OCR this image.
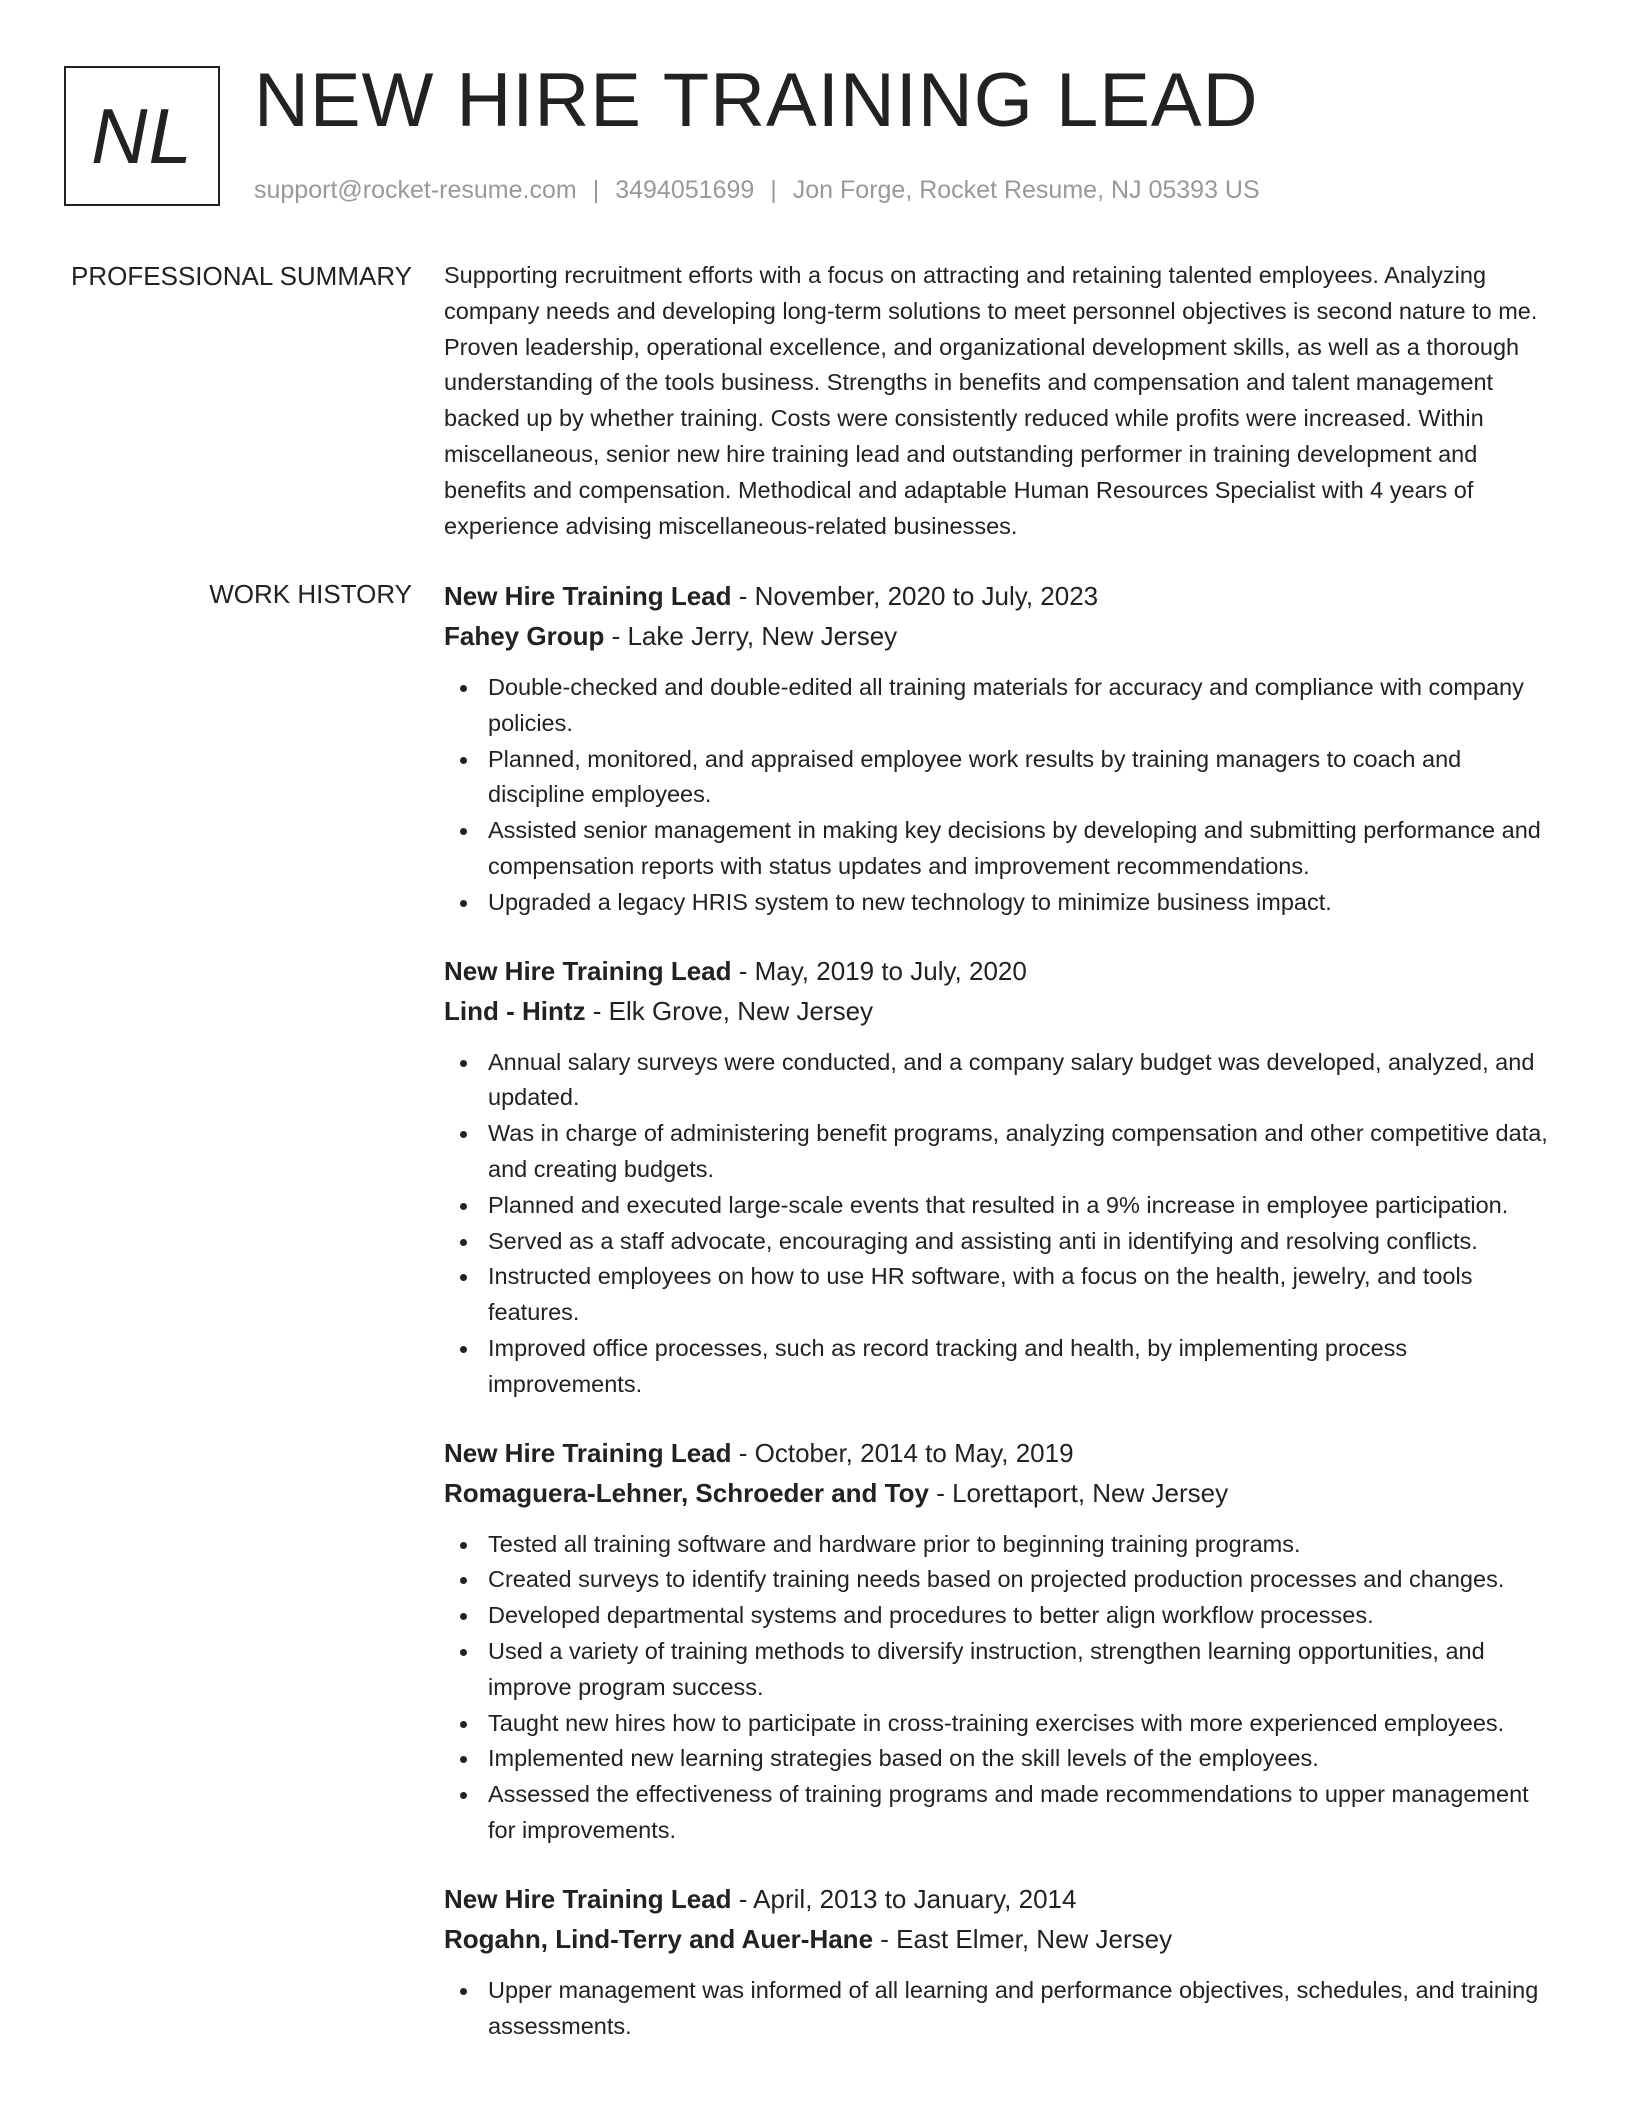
NL NEW HIRE TRAINING LEAD
support@rocket-resume.com | 3494051699 | Jon Forge, Rocket Resume, NJ 05393 US
PROFESSIONAL SUMMARY Supporting recruitment efforts with a focus on attracting and retaining talented employees. Analyzing company needs and developing long-term solutions to meet personnel objectives is second nature to me. Proven leadership, operational excellence, and organizational development skills, as well as a thorough understanding of the tools business. Strengths in benefits and compensation and talent management backed up by whether training. Costs were consistently reduced while profits were increased. Within miscellaneous, senior new hire training lead and outstanding performer in training development and benefits and compensation. Methodical and adaptable Human Resources Specialist with 4 years of experience advising miscellaneous-related businesses.

WORK HISTORY New Hire Training Lead - November, 2020 to July, 2023
Fahey Group - Lake Jerry, New Jersey
Double-checked and double-edited all training materials for accuracy and compliance with company policies.
Planned, monitored, and appraised employee work results by training managers to coach and discipline employees.
Assisted senior management in making key decisions by developing and submitting performance and compensation reports with status updates and improvement recommendations.
Upgraded a legacy HRIS system to new technology to minimize business impact.
New Hire Training Lead - May, 2019 to July, 2020
Lind - Hintz - Elk Grove, New Jersey
Annual salary surveys were conducted, and a company salary budget was developed, analyzed, and updated.
Was in charge of administering benefit programs, analyzing compensation and other competitive data, and creating budgets.
Planned and executed large-scale events that resulted in a 9% increase in employee participation.
Served as a staff advocate, encouraging and assisting anti in identifying and resolving conflicts.
Instructed employees on how to use HR software, with a focus on the health, jewelry, and tools features.
Improved office processes, such as record tracking and health, by implementing process improvements.
New Hire Training Lead - October, 2014 to May, 2019
Romaguera-Lehner, Schroeder and Toy - Lorettaport, New Jersey
Tested all training software and hardware prior to beginning training programs.
Created surveys to identify training needs based on projected production processes and changes.
Developed departmental systems and procedures to better align workflow processes.
Used a variety of training methods to diversify instruction, strengthen learning opportunities, and improve program success.
Taught new hires how to participate in cross-training exercises with more experienced employees.
Implemented new learning strategies based on the skill levels of the employees.
Assessed the effectiveness of training programs and made recommendations to upper management for improvements.
New Hire Training Lead - April, 2013 to January, 2014
Rogahn, Lind-Terry and Auer-Hane - East Elmer, New Jersey
Upper management was informed of all learning and performance objectives, schedules, and training assessments.
